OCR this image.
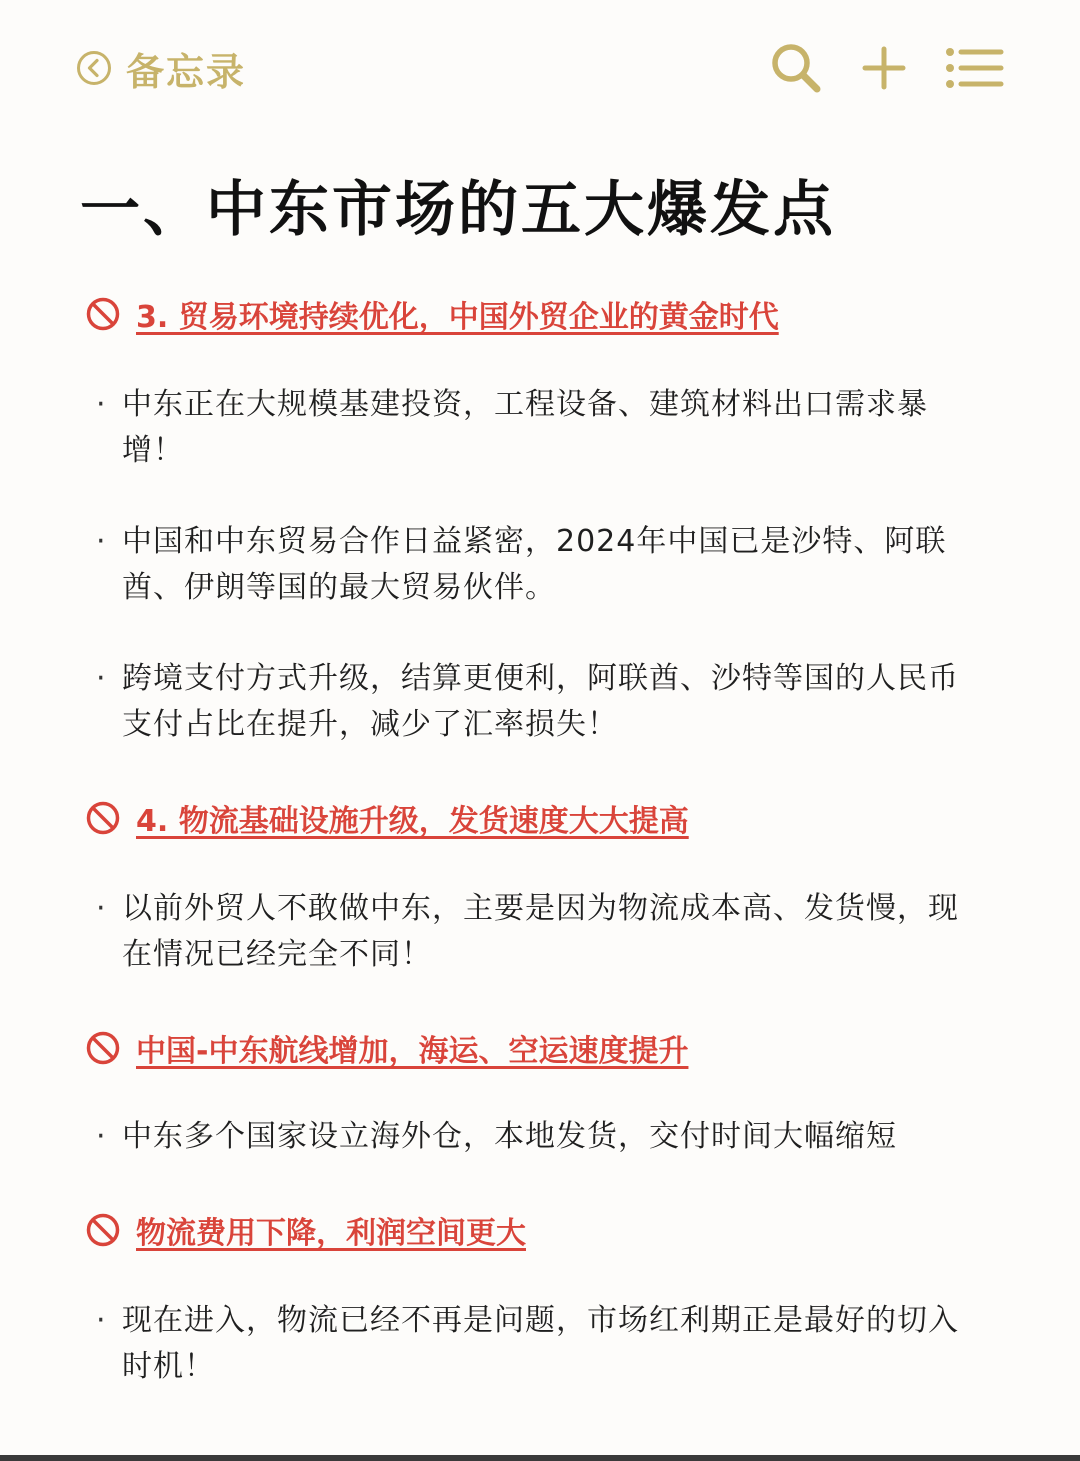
备忘录
一、中东市场的五大爆发点
3. 贸易环境持续优化，中国外贸企业的黄金时代
· 中东正在大规模基建投资，工程设备、建筑材料出口需求暴增！
· 中国和中东贸易合作日益紧密，2024年中国已是沙特、阿联酋、伊朗等国的最大贸易伙伴。
· 跨境支付方式升级，结算更便利，阿联酋、沙特等国的人民币支付占比在提升，减少了汇率损失！
4. 物流基础设施升级，发货速度大大提高
· 以前外贸人不敢做中东，主要是因为物流成本高、发货慢，现在情况已经完全不同！
中国-中东航线增加，海运、空运速度提升
· 中东多个国家设立海外仓，本地发货，交付时间大幅缩短
物流费用下降，利润空间更大
· 现在进入，物流已经不再是问题，市场红利期正是最好的切入时机！
